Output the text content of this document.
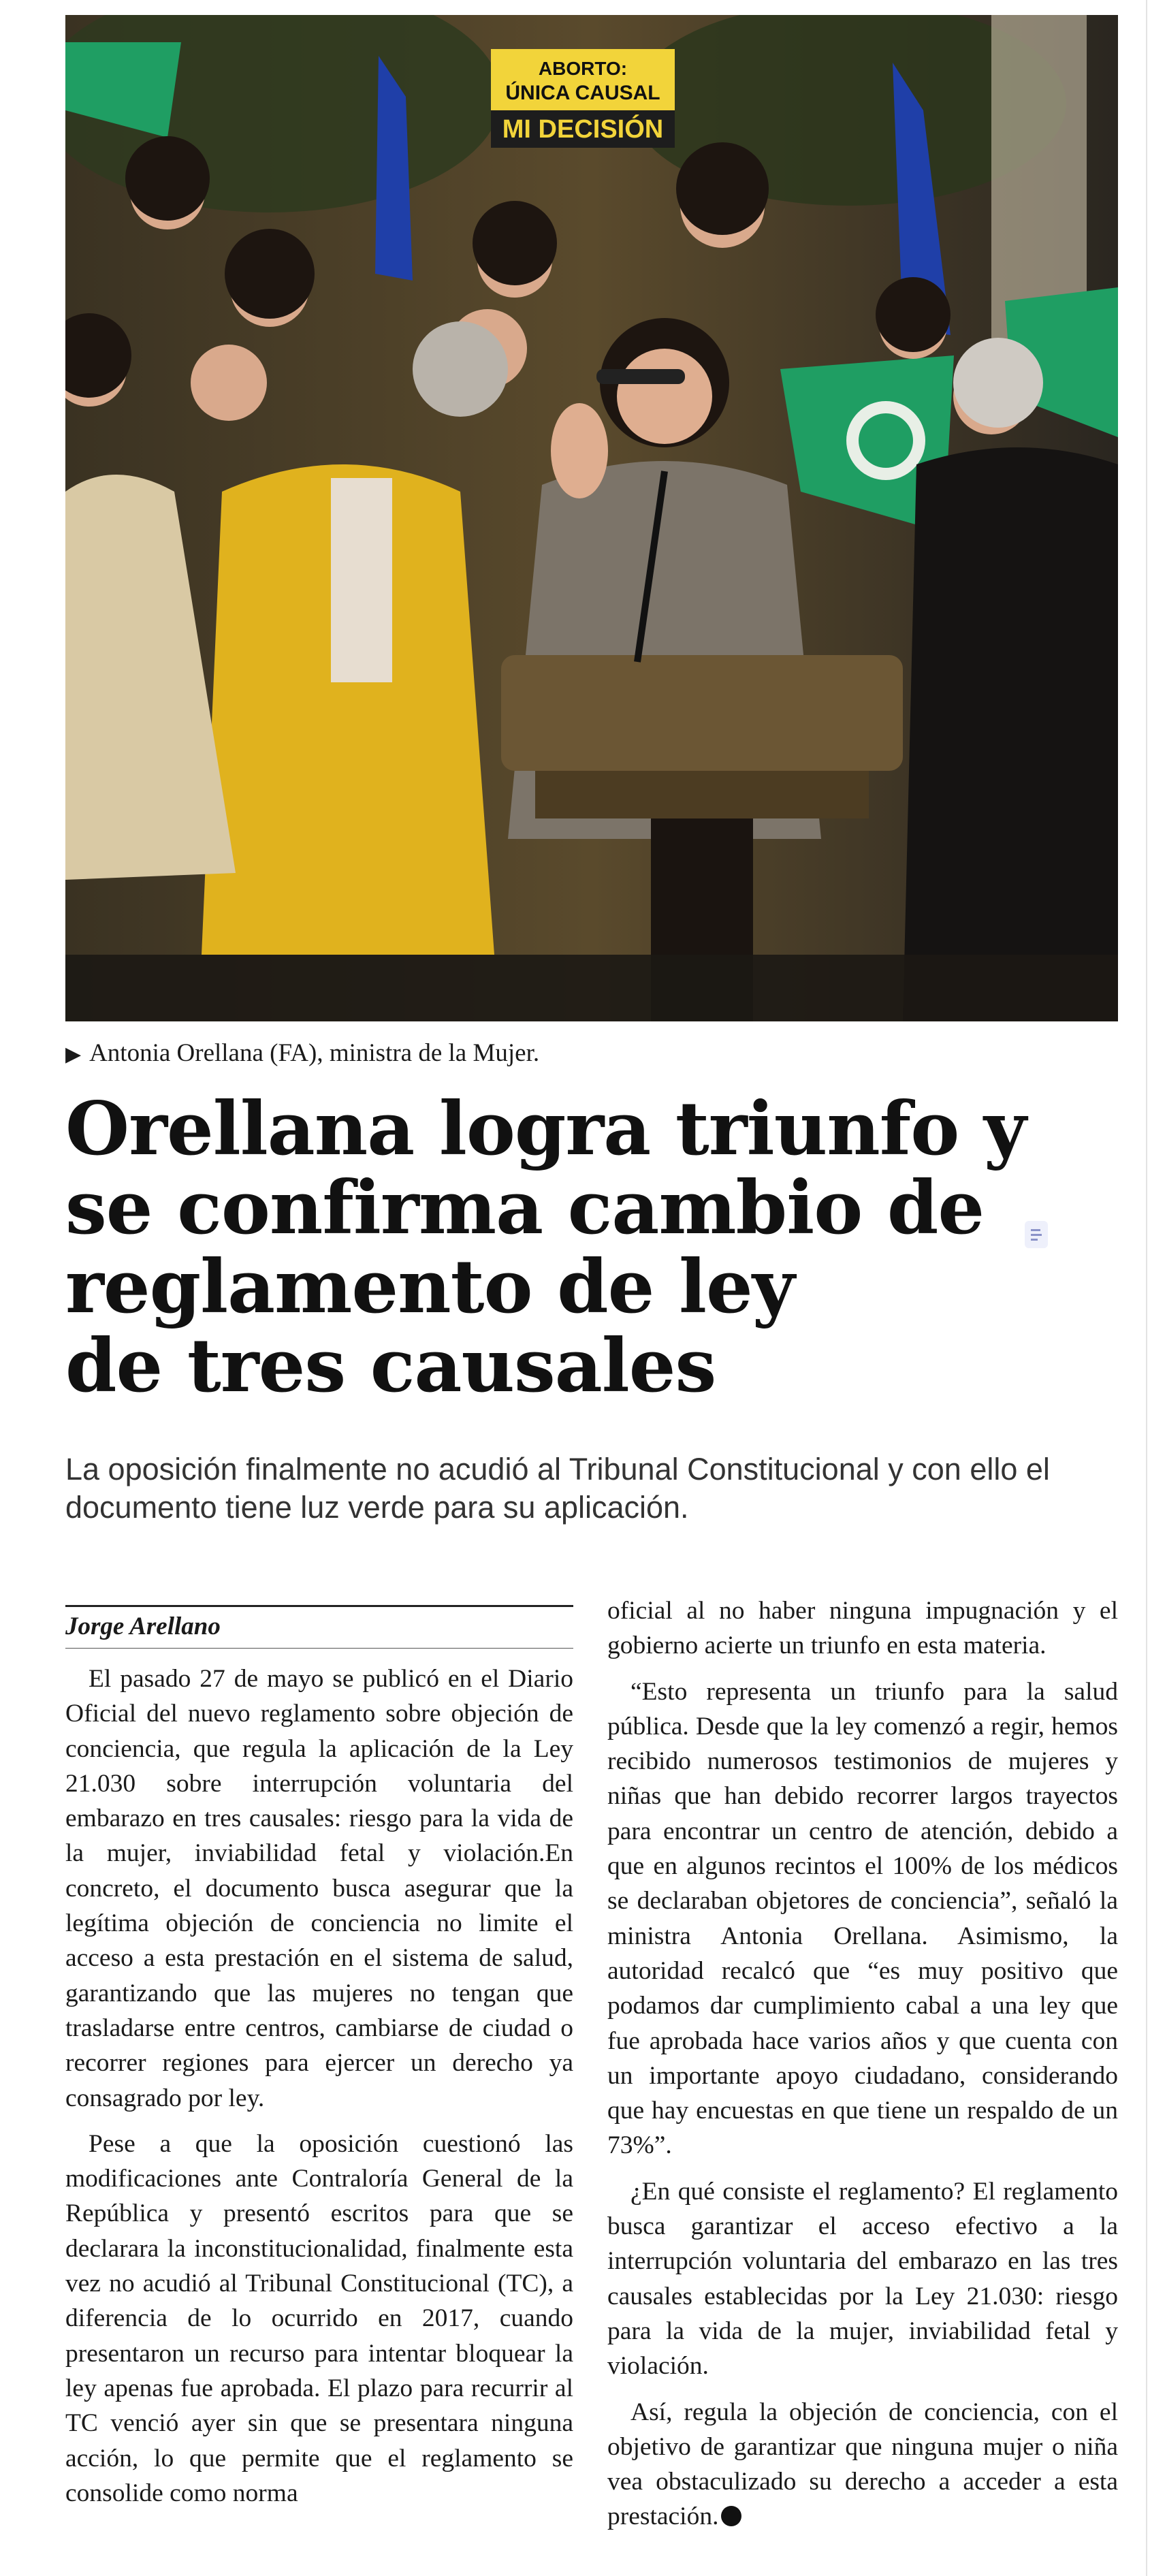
ABORTO:
ÚNICA CAUSAL
MI DECISIÓN
▶ Antonia Orellana (FA), ministra de la Mujer.
Orellana logra triunfo y
se confirma cambio de
reglamento de ley
de tres causales
La oposición finalmente no acudió al Tribunal Constitucional y con ello el
documento tiene luz verde para su aplicación.
Jorge Arellano

El pasado 27 de mayo se publicó en el Diario Oficial del nuevo reglamento sobre objeción de conciencia, que regula la aplicación de la Ley 21.030 sobre interrupción voluntaria del embarazo en tres causales: riesgo para la vida de la mujer, inviabilidad fetal y violación.En concreto, el documento busca asegurar que la legítima objeción de conciencia no limite el acceso a esta prestación en el sistema de salud, garantizando que las mujeres no tengan que trasladarse entre centros, cambiarse de ciudad o recorrer regiones para ejercer un derecho ya consagrado por ley.

Pese a que la oposición cuestionó las modificaciones ante Contraloría General de la República y presentó escritos para que se declarara la inconstitucionalidad, finalmente esta vez no acudió al Tribunal Constitucional (TC), a diferencia de lo ocurrido en 2017, cuando presentaron un recurso para intentar bloquear la ley apenas fue aprobada. El plazo para recurrir al TC venció ayer sin que se presentara ninguna acción, lo que permite que el reglamento se consolide como norma

oficial al no haber ninguna impugnación y el gobierno acierte un triunfo en esta materia.

“Esto representa un triunfo para la salud pública. Desde que la ley comenzó a regir, hemos recibido numerosos testimonios de mujeres y niñas que han debido recorrer largos trayectos para encontrar un centro de atención, debido a que en algunos recintos el 100% de los médicos se declaraban objetores de conciencia”, señaló la ministra Antonia Orellana. Asimismo, la autoridad recalcó que “es muy positivo que podamos dar cumplimiento cabal a una ley que fue aprobada hace varios años y que cuenta con un importante apoyo ciudadano, considerando que hay encuestas en que tiene un respaldo de un 73%”.

¿En qué consiste el reglamento? El reglamento busca garantizar el acceso efectivo a la interrupción voluntaria del embarazo en las tres causales establecidas por la Ley 21.030: riesgo para la vida de la mujer, inviabilidad fetal y violación.

Así, regula la objeción de conciencia, con el objetivo de garantizar que ninguna mujer o niña vea obstaculizado su derecho a acceder a esta prestación.
